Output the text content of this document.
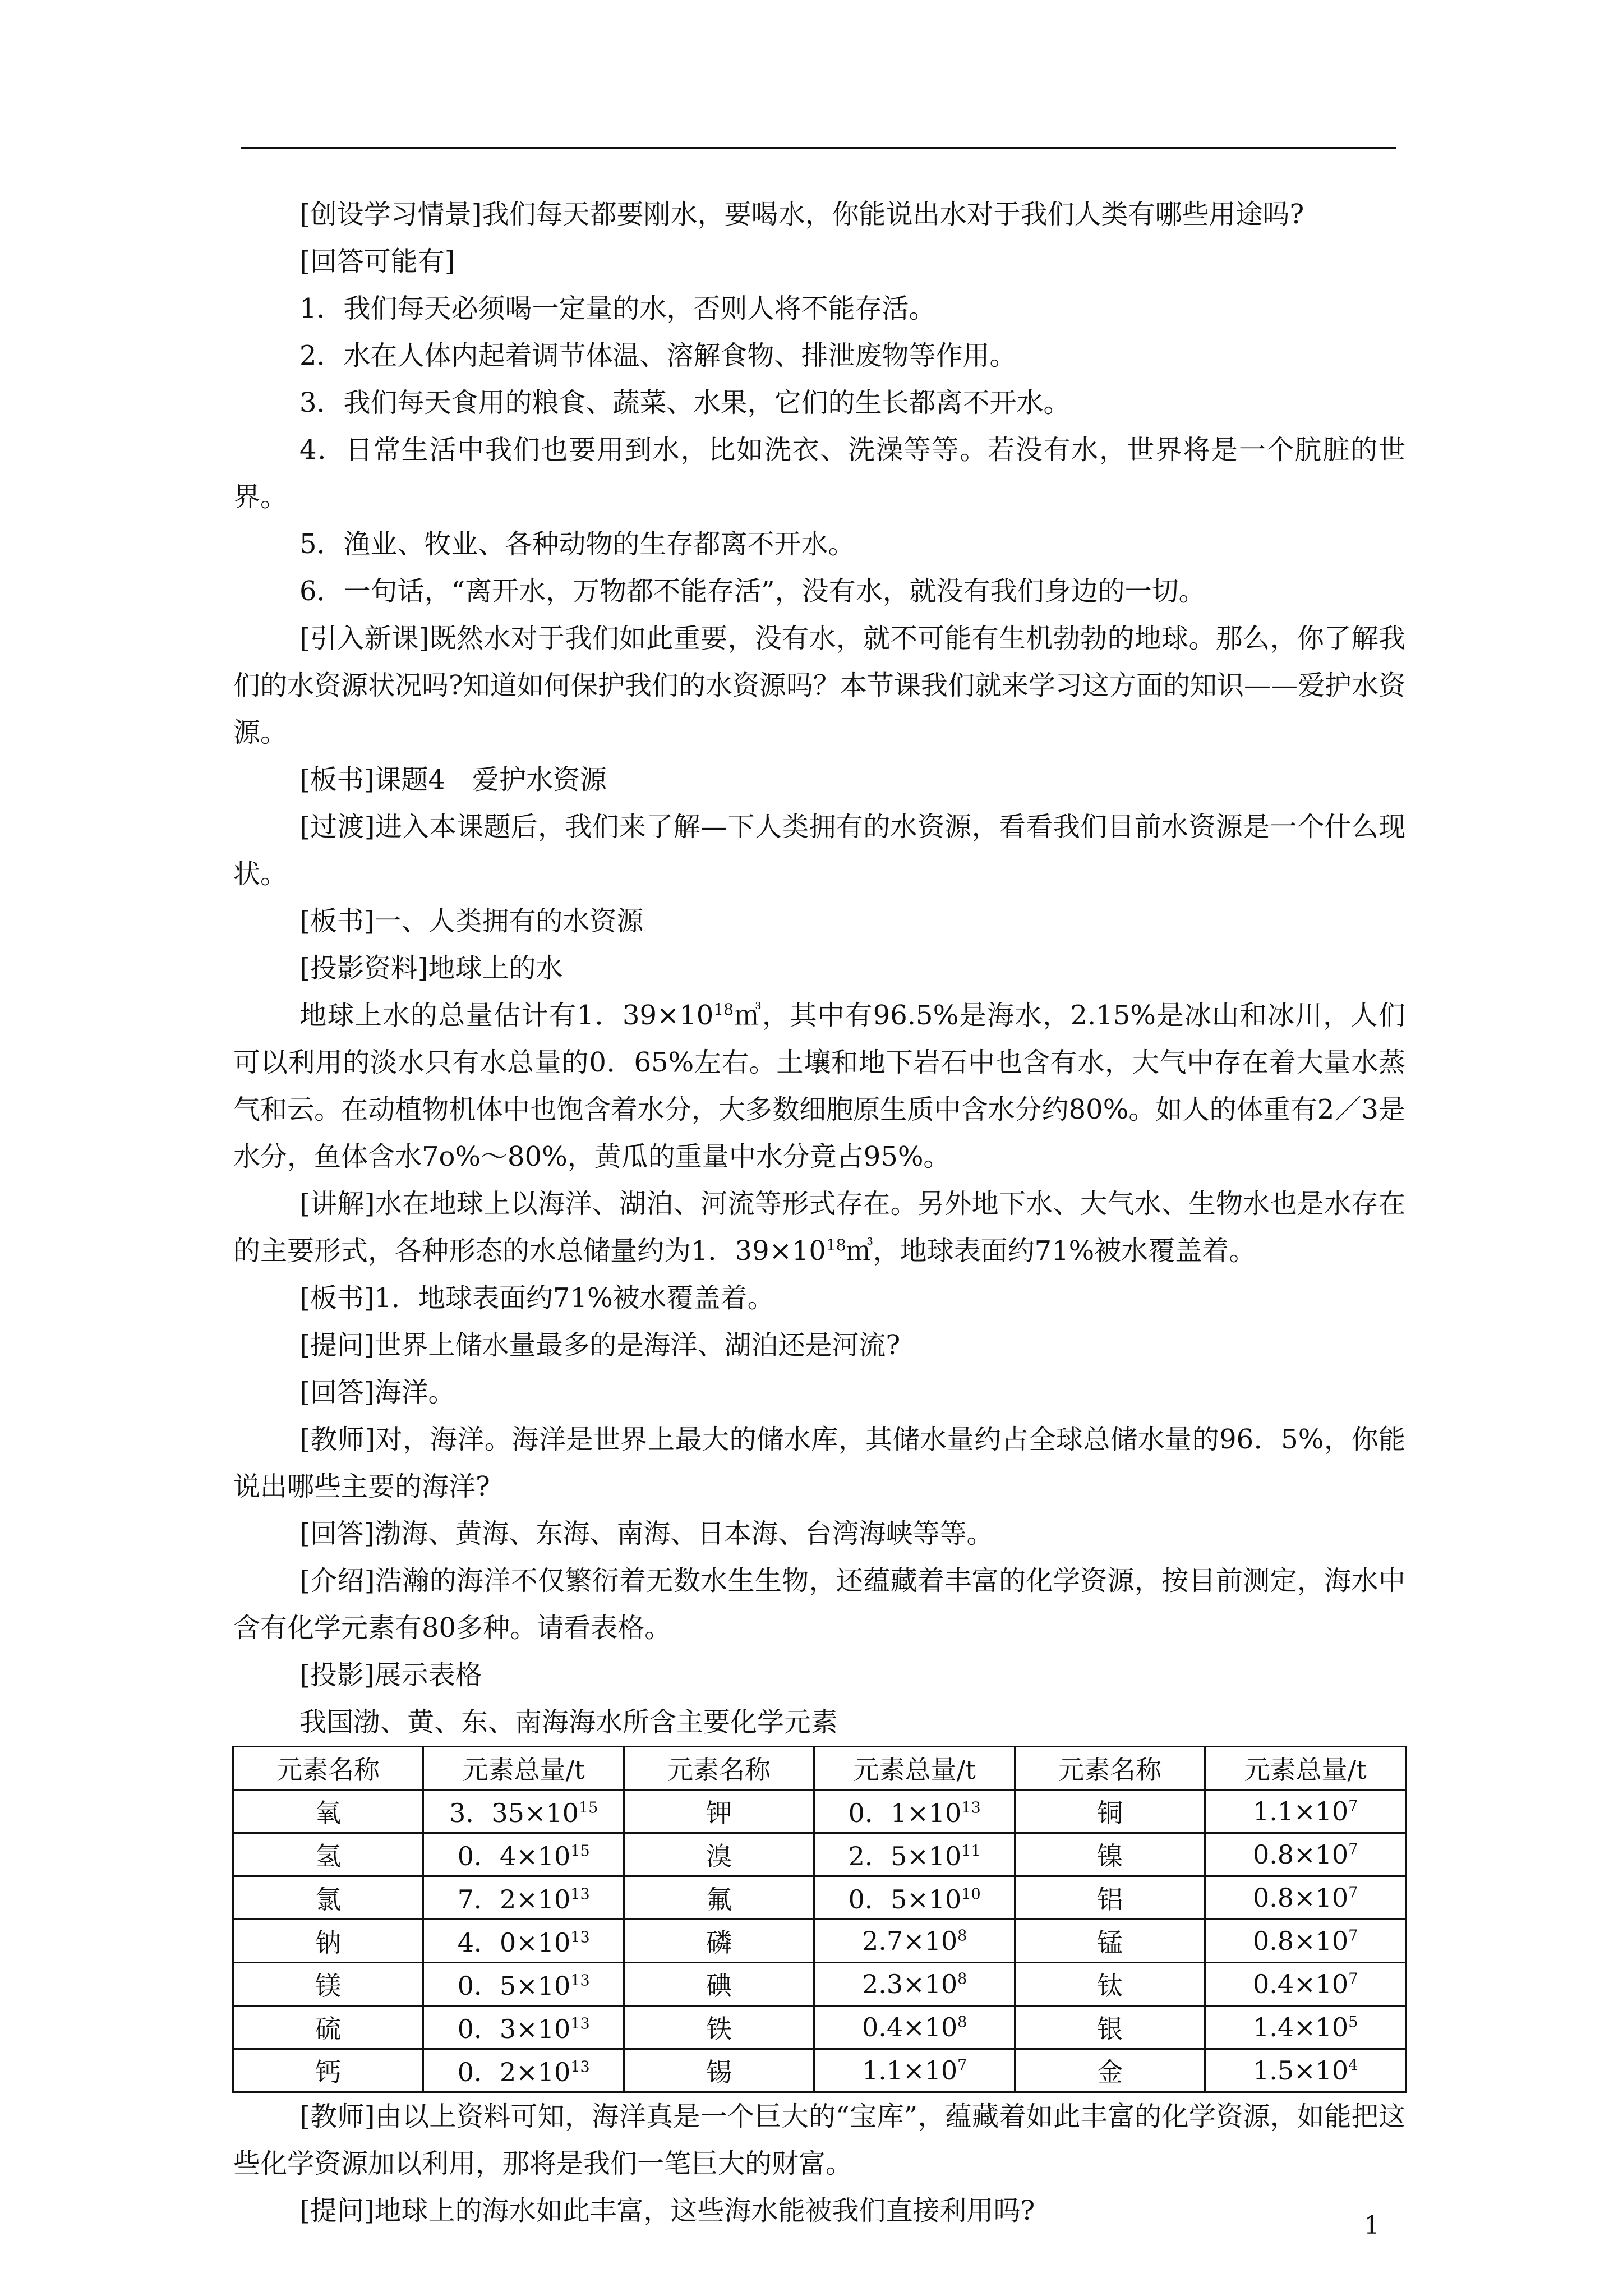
[创设学习情景]我们每天都要刚水，要喝水，你能说出水对于我们人类有哪些用途吗?

[回答可能有]

1．我们每天必须喝一定量的水，否则人将不能存活。

2．水在人体内起着调节体温、溶解食物、排泄废物等作用。

3．我们每天食用的粮食、蔬菜、水果，它们的生长都离不开水。

4．日常生活中我们也要用到水，比如洗衣、洗澡等等。若没有水，世界将是一个肮脏的世界。

5．渔业、牧业、各种动物的生存都离不开水。

6．一句话，“离开水，万物都不能存活”，没有水，就没有我们身边的一切。

[引入新课]既然水对于我们如此重要，没有水，就不可能有生机勃勃的地球。那么，你了解我们的水资源状况吗?知道如何保护我们的水资源吗？本节课我们就来学习这方面的知识——爱护水资源。

[板书]课题4　爱护水资源

[过渡]进入本课题后，我们来了解—下人类拥有的水资源，看看我们目前水资源是一个什么现状。

[板书]一、人类拥有的水资源

[投影资料]地球上的水

地球上水的总量估计有1．$39\times 10^{18}㎥$，其中有96.5%是海水，2.15%是冰山和冰川，人们可以利用的淡水只有水总量的0．65%左右。土壤和地下岩石中也含有水，大气中存在着大量水蒸气和云。在动植物机体中也饱含着水分，大多数细胞原生质中含水分约80%。如人的体重有2／3是水分，鱼体含水7o%～80%，黄瓜的重量中水分竟占95%。

[讲解]水在地球上以海洋、湖泊、河流等形式存在。另外地下水、大气水、生物水也是水存在的主要形式，各种形态的水总储量约为1．$39\times 10^{18}㎥$，地球表面约71%被水覆盖着。

[板书]1．地球表面约71%被水覆盖着。

[提问]世界上储水量最多的是海洋、湖泊还是河流?

[回答]海洋。

[教师]对，海洋。海洋是世界上最大的储水库，其储水量约占全球总储水量的96．5%，你能说出哪些主要的海洋?

[回答]渤海、黄海、东海、南海、日本海、台湾海峡等等。

[介绍]浩瀚的海洋不仅繁衍着无数水生生物，还蕴藏着丰富的化学资源，按目前测定，海水中含有化学元素有80多种。请看表格。

[投影]展示表格

我国渤、黄、东、南海海水所含主要化学元素

元素名称	元素总量/t	元素名称	元素总量/t	元素名称	元素总量/t
氧	3．$35\times 10^{15}$	钾	0．$1\times 10^{13}$	铜	$1.1\times 10^7$
氢	0．$4\times 10^{15}$	溴	2．$5\times 10^{11}$	镍	$0.8\times 10^7$
氯	7．$2\times 10^{13}$	氟	0．$5\times 10^{10}$	铝	$0.8\times 10^7$
钠	4．$0\times 10^{13}$	磷	$2.7\times 10^8$	锰	$0.8\times 10^7$
镁	0．$5\times 10^{13}$	碘	$2.3\times 10^8$	钛	$0.4\times 10^7$
硫	0．$3\times 10^{13}$	铁	$0.4\times 10^8$	银	$1.4\times 10^5$
钙	0．$2\times 10^{13}$	锡	$1.1\times 10^7$	金	$1.5\times 10^4$

[教师]由以上资料可知，海洋真是一个巨大的“宝库”，蕴藏着如此丰富的化学资源，如能把这些化学资源加以利用，那将是我们一笔巨大的财富。

[提问]地球上的海水如此丰富，这些海水能被我们直接利用吗?	1
